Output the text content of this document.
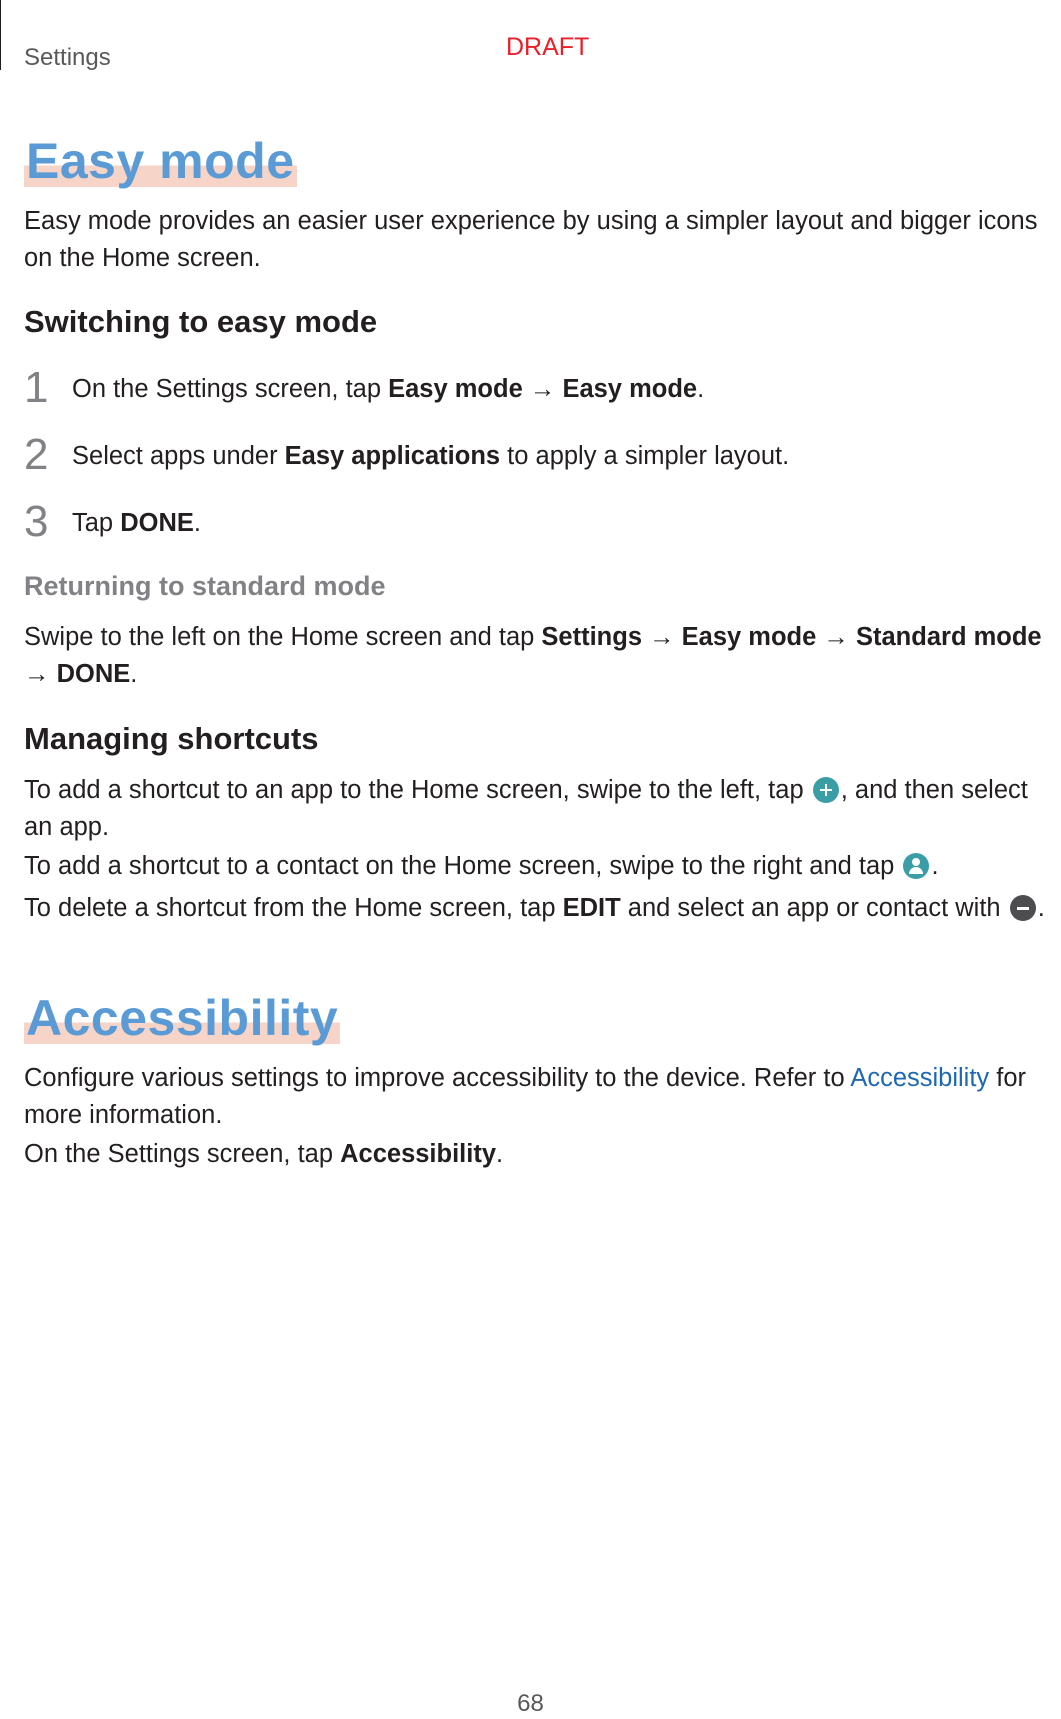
Settings	DRAFT
Easy mode

Easy mode provides an easier user experience by using a simpler layout and bigger icons on the Home screen.

Switching to easy mode
1 On the Settings screen, tap Easy mode → Easy mode.
2 Select apps under Easy applications to apply a simpler layout.
3 Tap DONE.
Returning to standard mode

Swipe to the left on the Home screen and tap Settings → Easy mode → Standard mode → DONE.

Managing shortcuts

To add a shortcut to an app to the Home screen, swipe to the left, tap , and then select an app.

To add a shortcut to a contact on the Home screen, swipe to the right and tap .

To delete a shortcut from the Home screen, tap EDIT and select an app or contact with .

Accessibility

Configure various settings to improve accessibility to the device. Refer to Accessibility for more information.

On the Settings screen, tap Accessibility.

68
